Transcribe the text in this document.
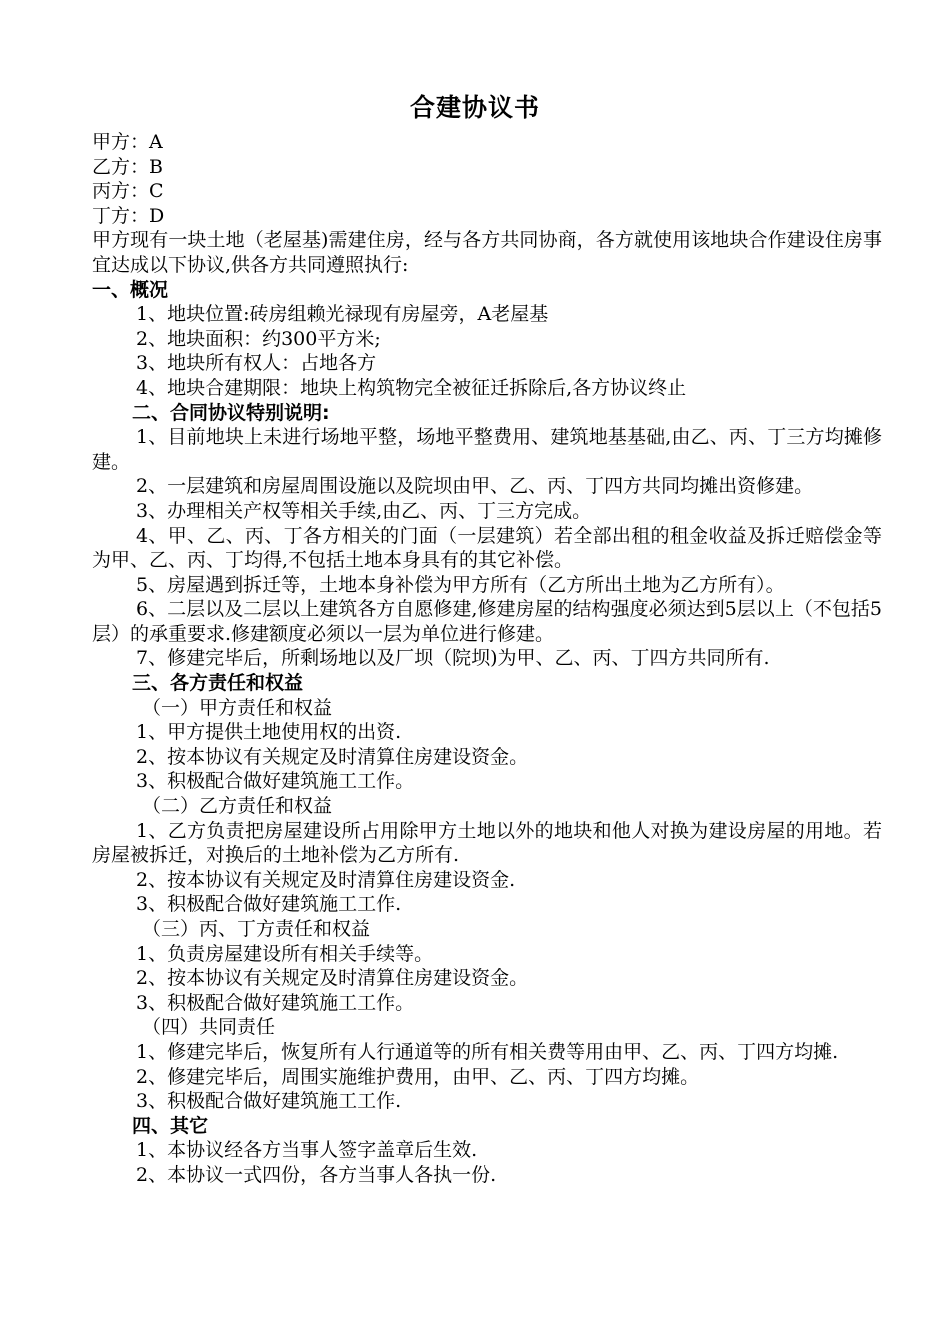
合建协议书

甲方：A

乙方：B

丙方：C

丁方：D

甲方现有一块土地（老屋基)需建住房，经与各方共同协商，各方就使用该地块合作建设住房事宜达成以下协议,供各方共同遵照执行:

一、概况

1、地块位置:砖房组赖光禄现有房屋旁，A老屋基

2、地块面积：约300平方米;

3、地块所有权人：占地各方

4、地块合建期限：地块上构筑物完全被征迁拆除后,各方协议终止

二、合同协议特别说明:

1、目前地块上未进行场地平整，场地平整费用、建筑地基基础,由乙、丙、丁三方均摊修建。

2、一层建筑和房屋周围设施以及院坝由甲、乙、丙、丁四方共同均摊出资修建。

3、办理相关产权等相关手续,由乙、丙、丁三方完成。

4、甲、乙、丙、丁各方相关的门面（一层建筑）若全部出租的租金收益及拆迁赔偿金等为甲、乙、丙、丁均得,不包括土地本身具有的其它补偿。

5、房屋遇到拆迁等，土地本身补偿为甲方所有（乙方所出土地为乙方所有）。

6、二层以及二层以上建筑各方自愿修建,修建房屋的结构强度必须达到5层以上（不包括5层）的承重要求.修建额度必须以一层为单位进行修建。

7、修建完毕后，所剩场地以及厂坝（院坝)为甲、乙、丙、丁四方共同所有.

三、各方责任和权益

（一）甲方责任和权益

1、甲方提供土地使用权的出资.

2、按本协议有关规定及时清算住房建设资金。

3、积极配合做好建筑施工工作。

（二）乙方责任和权益

1、乙方负责把房屋建设所占用除甲方土地以外的地块和他人对换为建设房屋的用地。若房屋被拆迁，对换后的土地补偿为乙方所有.

2、按本协议有关规定及时清算住房建设资金.

3、积极配合做好建筑施工工作.

（三）丙、丁方责任和权益

1、负责房屋建设所有相关手续等。

2、按本协议有关规定及时清算住房建设资金。

3、积极配合做好建筑施工工作。

（四）共同责任

1、修建完毕后，恢复所有人行通道等的所有相关费等用由甲、乙、丙、丁四方均摊.

2、修建完毕后，周围实施维护费用，由甲、乙、丙、丁四方均摊。

3、积极配合做好建筑施工工作.

四、其它

1、本协议经各方当事人签字盖章后生效.

2、本协议一式四份，各方当事人各执一份.
